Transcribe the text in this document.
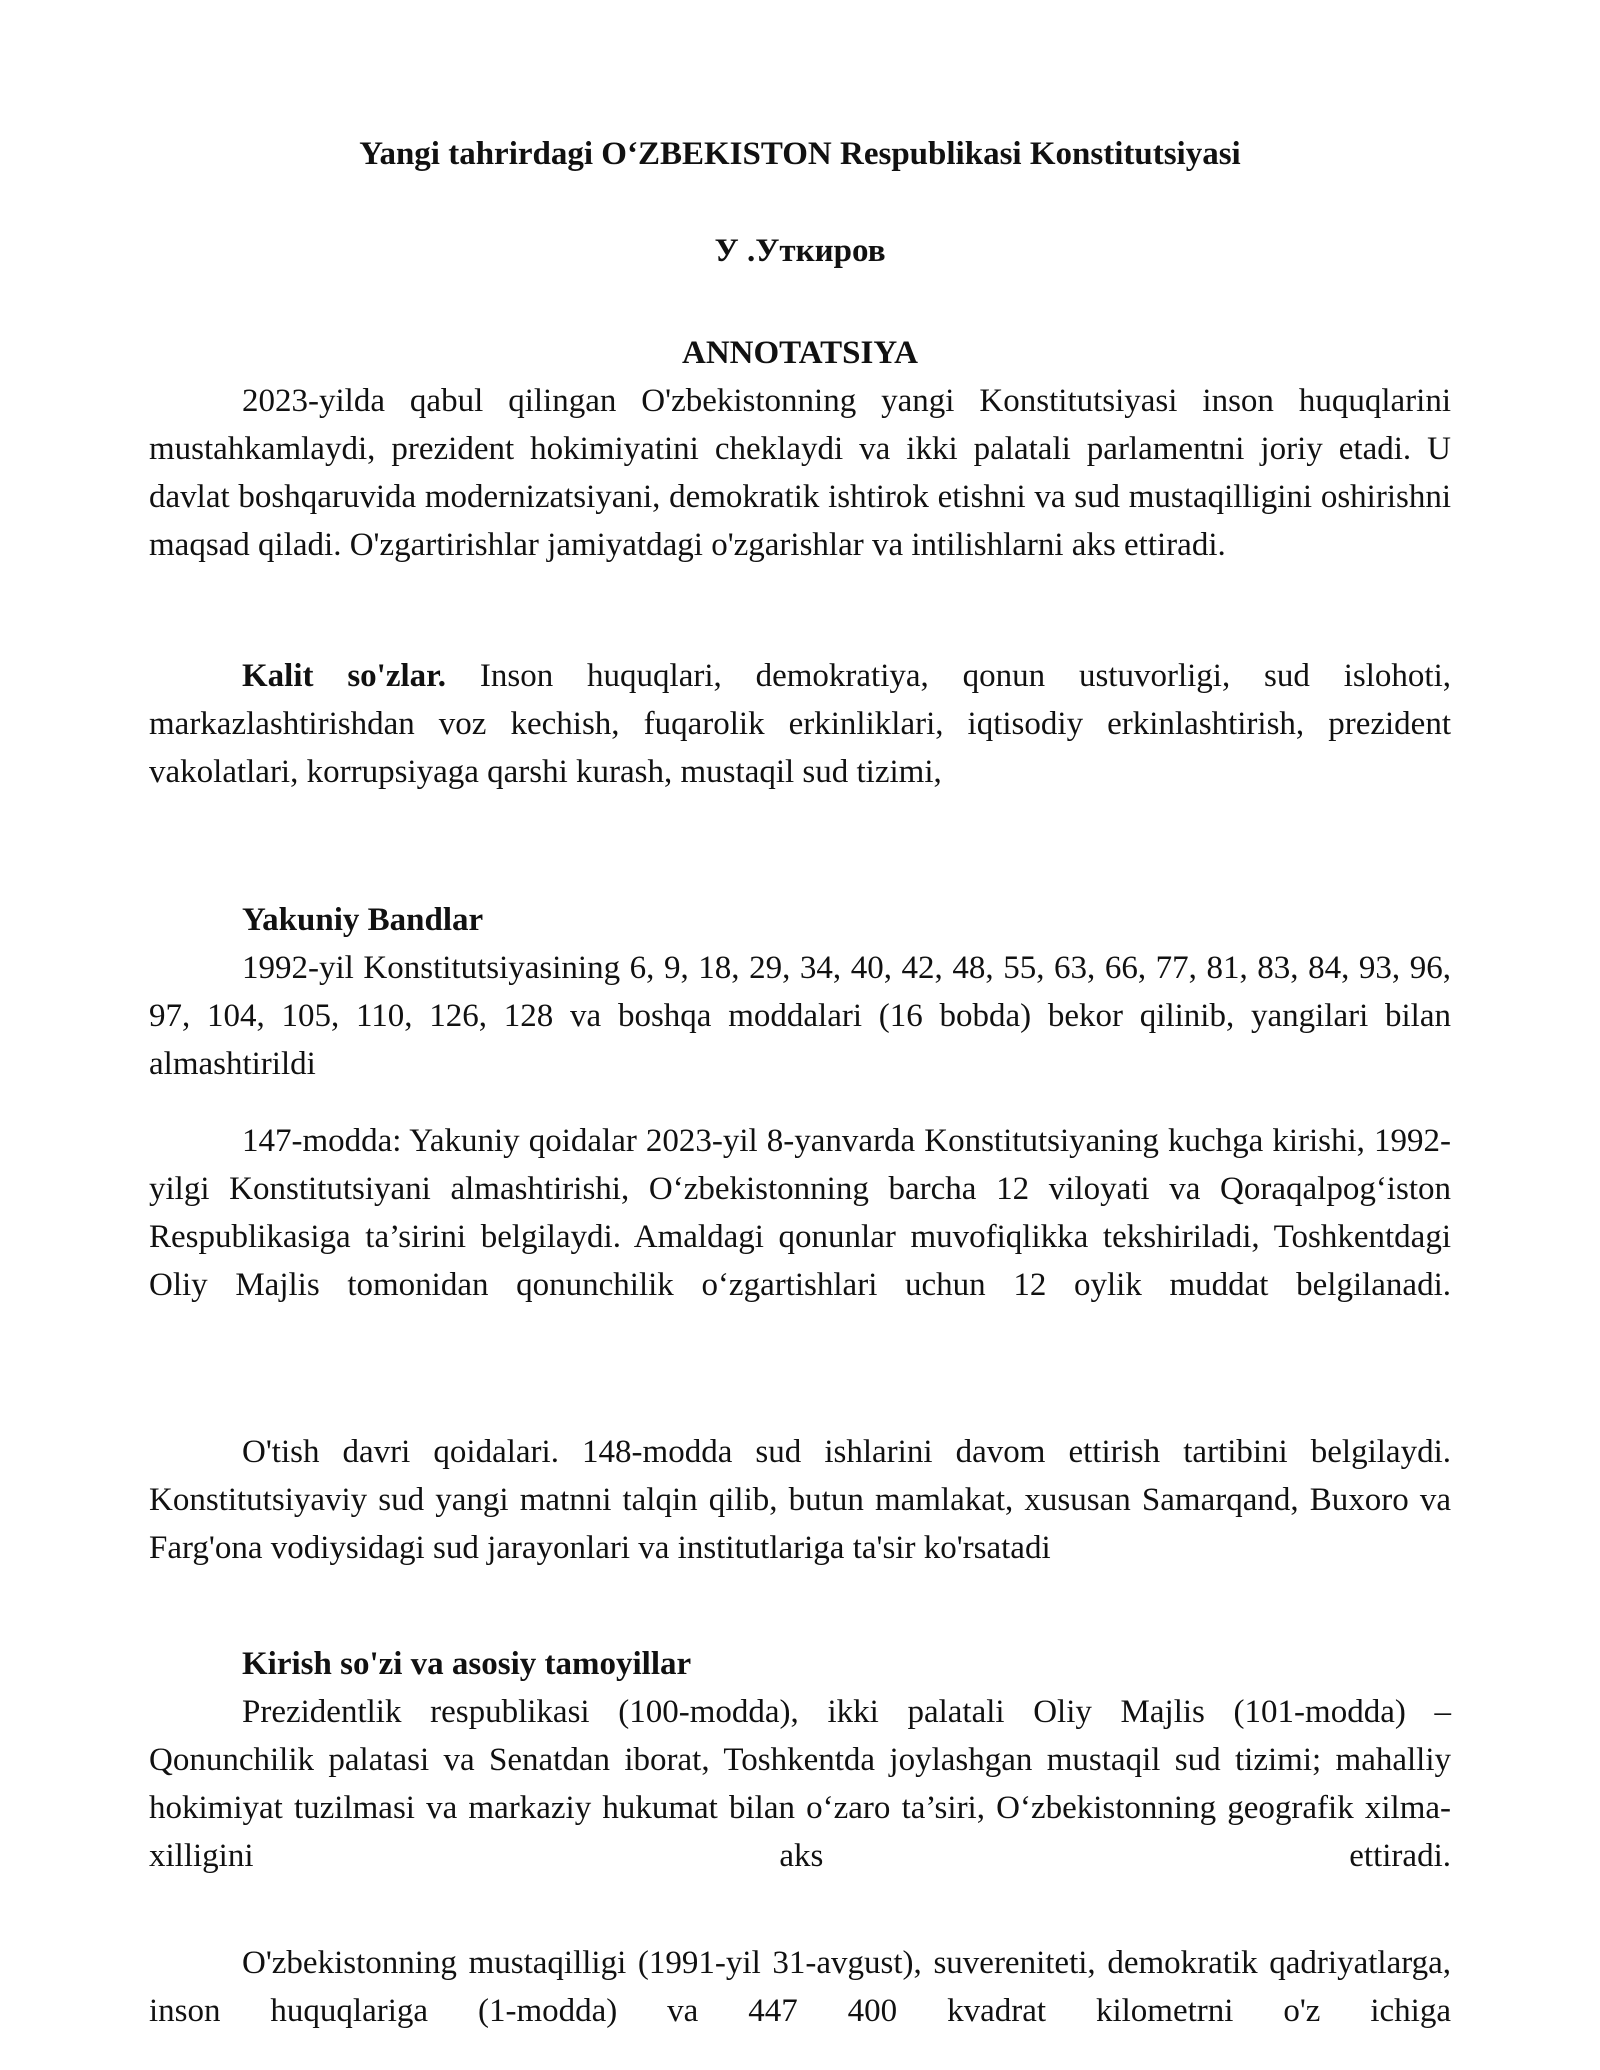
Yangi tahrirdagi O‘ZBEKISTON Respublikasi Konstitutsiyasi

У .Уткиров

ANNOTATSIYA

2023-yilda qabul qilingan O'zbekistonning yangi Konstitutsiyasi inson huquqlarini mustahkamlaydi, prezident hokimiyatini cheklaydi va ikki palatali parlamentni joriy etadi. U davlat boshqaruvida modernizatsiyani, demokratik ishtirok etishni va sud mustaqilligini oshirishni maqsad qiladi. O'zgartirishlar jamiyatdagi o'zgarishlar va intilishlarni aks ettiradi.

Kalit so'zlar. Inson huquqlari, demokratiya, qonun ustuvorligi, sud islohoti, markazlashtirishdan voz kechish, fuqarolik erkinliklari, iqtisodiy erkinlashtirish, prezident vakolatlari, korrupsiyaga qarshi kurash, mustaqil sud tizimi,

Yakuniy Bandlar

1992-yil Konstitutsiyasining 6, 9, 18, 29, 34, 40, 42, 48, 55, 63, 66, 77, 81, 83, 84, 93, 96, 97, 104, 105, 110, 126, 128 va boshqa moddalari (16 bobda) bekor qilinib, yangilari bilan almashtirildi

147-modda: Yakuniy qoidalar 2023-yil 8-yanvarda Konstitutsiyaning kuchga kirishi, 1992-yilgi Konstitutsiyani almashtirishi, O‘zbekistonning barcha 12 viloyati va Qoraqalpog‘iston Respublikasiga ta’sirini belgilaydi. Amaldagi qonunlar muvofiqlikka tekshiriladi, Toshkentdagi Oliy Majlis tomonidan qonunchilik o‘zgartishlari uchun 12 oylik muddat belgilanadi.

O'tish davri qoidalari. 148-modda sud ishlarini davom ettirish tartibini belgilaydi. Konstitutsiyaviy sud yangi matnni talqin qilib, butun mamlakat, xususan Samarqand, Buxoro va Farg'ona vodiysidagi sud jarayonlari va institutlariga ta'sir ko'rsatadi

Kirish so'zi va asosiy tamoyillar

Prezidentlik respublikasi (100-modda), ikki palatali Oliy Majlis (101-modda) – Qonunchilik palatasi va Senatdan iborat, Toshkentda joylashgan mustaqil sud tizimi; mahalliy hokimiyat tuzilmasi va markaziy hukumat bilan o‘zaro ta’siri, O‘zbekistonning geografik xilma-xilligini aks ettiradi.

O'zbekistonning mustaqilligi (1991-yil 31-avgust), suvereniteti, demokratik qadriyatlarga, inson huquqlariga (1-modda) va 447 400 kvadrat kilometrni o'z ichiga
